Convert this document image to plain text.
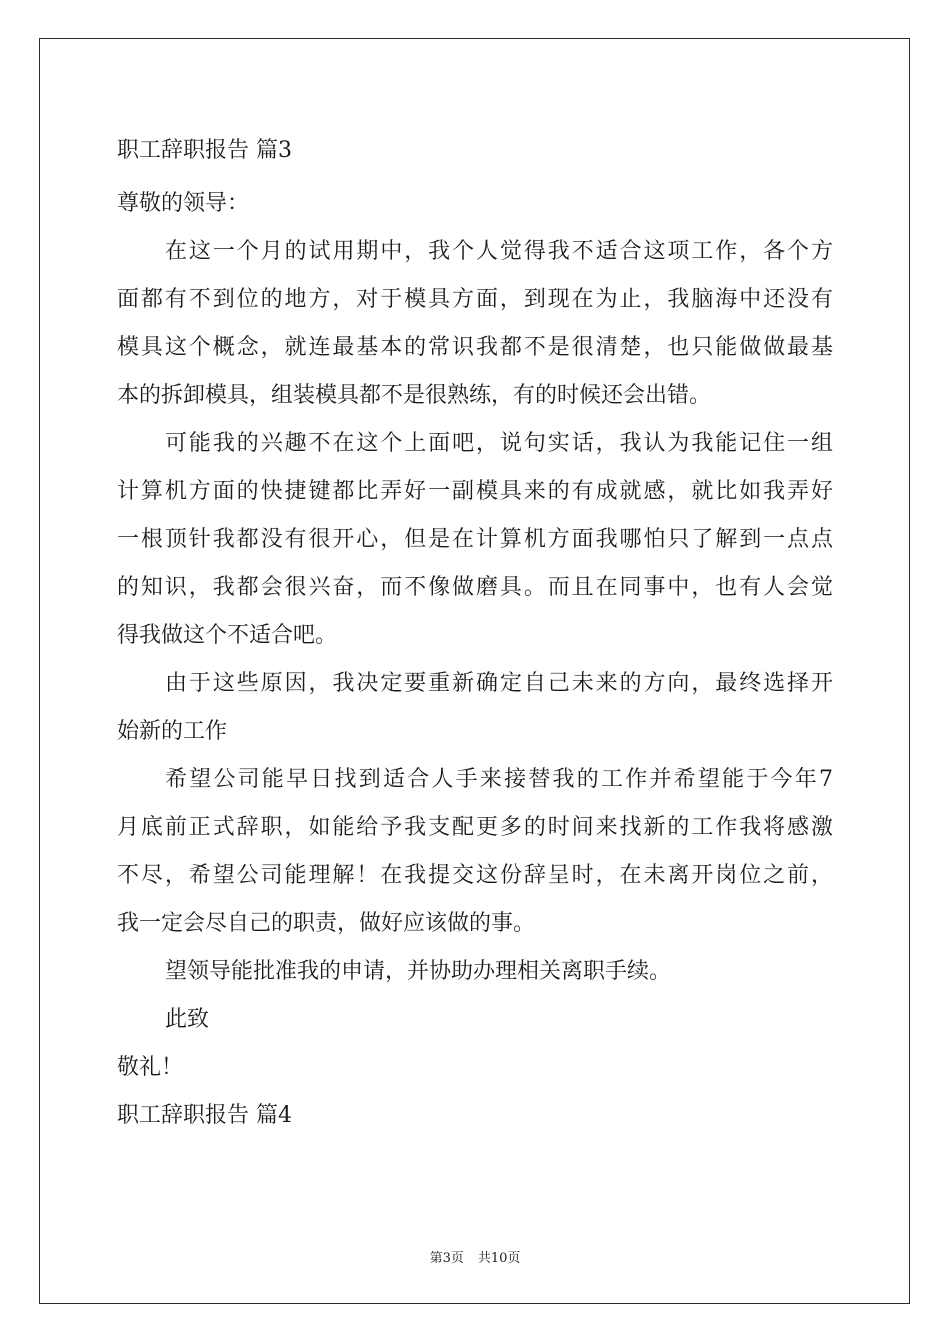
职工辞职报告 篇3
尊敬的领导：
在这一个月的试用期中，我个人觉得我不适合这项工作，各个方
面都有不到位的地方，对于模具方面，到现在为止，我脑海中还没有
模具这个概念，就连最基本的常识我都不是很清楚，也只能做做最基
本的拆卸模具，组装模具都不是很熟练，有的时候还会出错。
可能我的兴趣不在这个上面吧，说句实话，我认为我能记住一组
计算机方面的快捷键都比弄好一副模具来的有成就感，就比如我弄好
一根顶针我都没有很开心，但是在计算机方面我哪怕只了解到一点点
的知识，我都会很兴奋，而不像做磨具。而且在同事中，也有人会觉
得我做这个不适合吧。
由于这些原因，我决定要重新确定自己未来的方向，最终选择开
始新的工作
希望公司能早日找到适合人手来接替我的工作并希望能于今年7
月底前正式辞职，如能给予我支配更多的时间来找新的工作我将感激
不尽，希望公司能理解！在我提交这份辞呈时，在未离开岗位之前，
我一定会尽自己的职责，做好应该做的事。
望领导能批准我的申请，并协助办理相关离职手续。
此致
敬礼！
职工辞职报告 篇4
第3页 共10页
